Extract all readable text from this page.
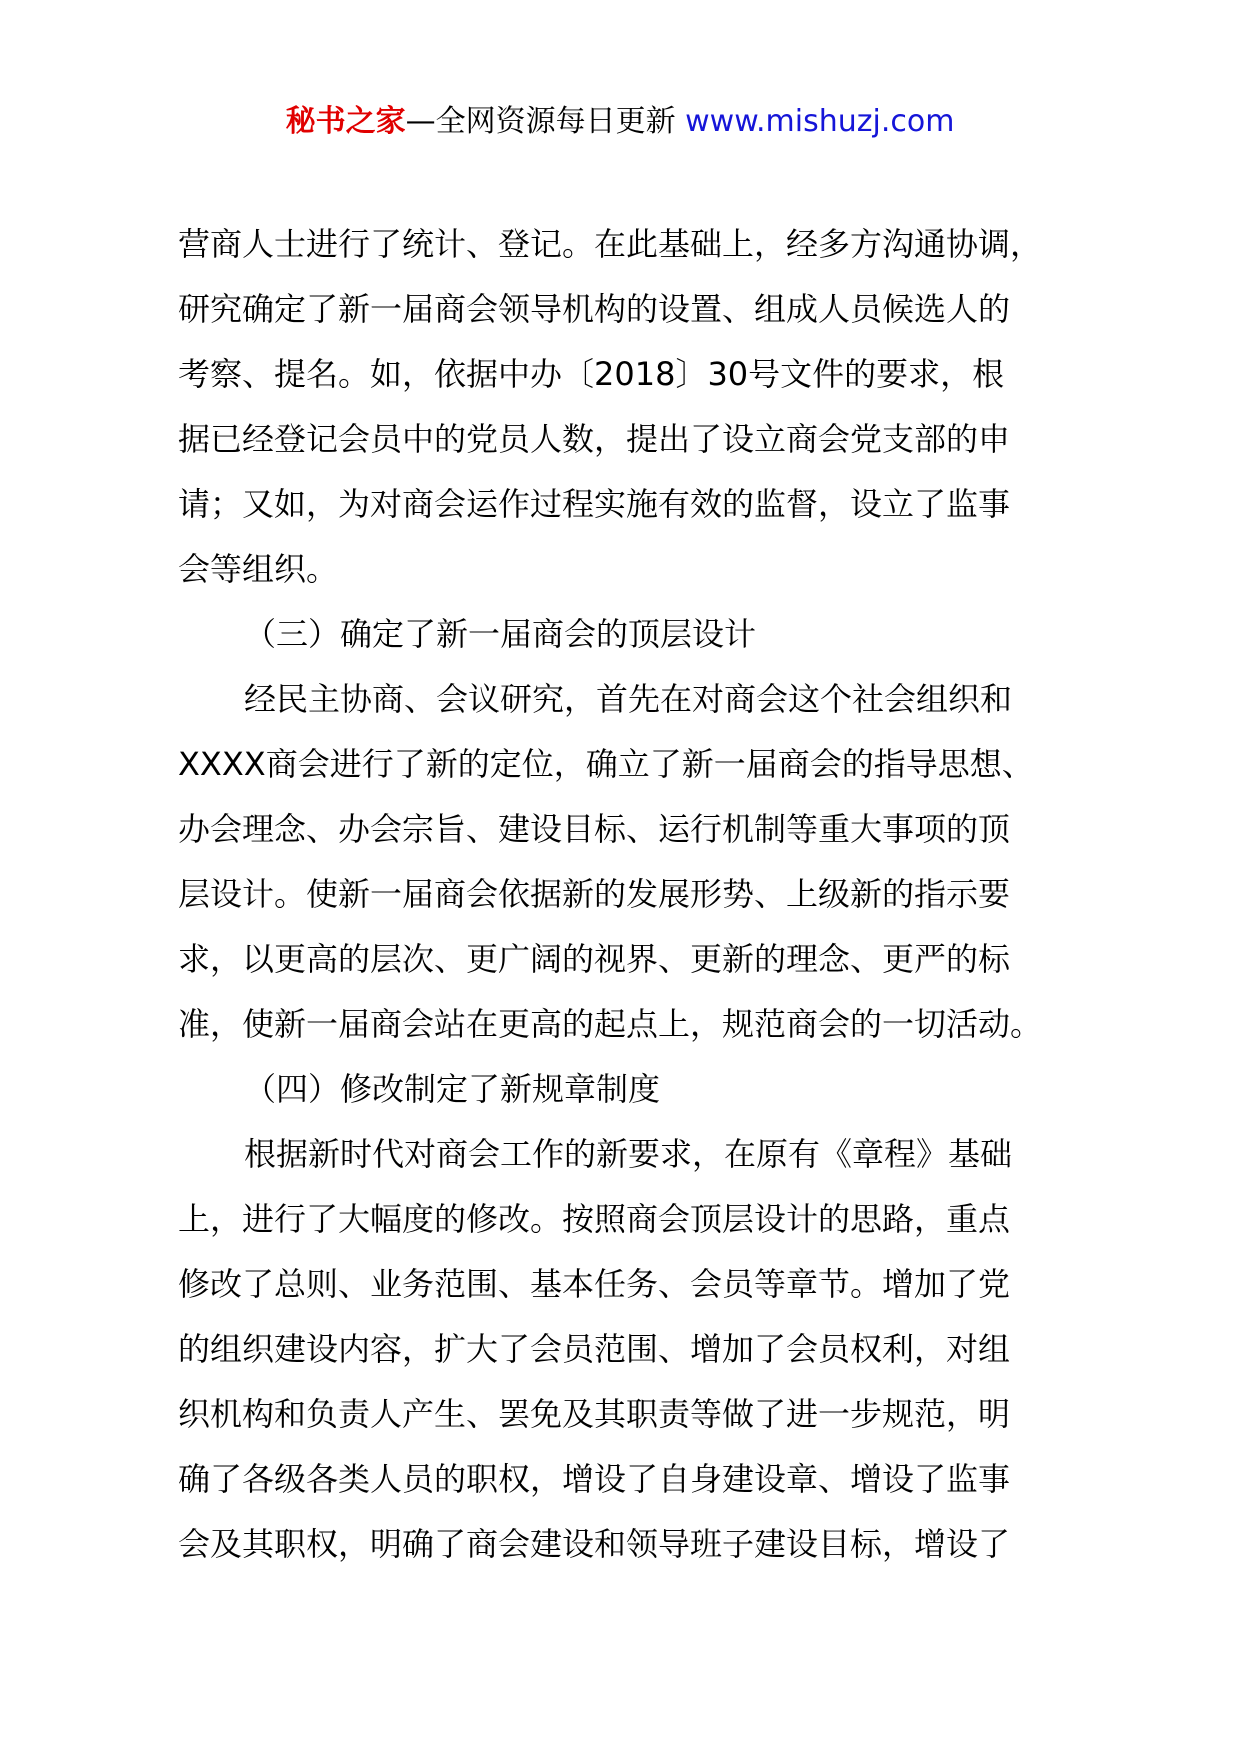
秘书之家—全网资源每日更新 www.mishuzj.com
营商人士进行了统计、登记。在此基础上，经多方沟通协调，
研究确定了新一届商会领导机构的设置、组成人员候选人的
考察、提名。如，依据中办〔2018〕30号文件的要求，根
据已经登记会员中的党员人数，提出了设立商会党支部的申
请；又如，为对商会运作过程实施有效的监督，设立了监事
会等组织。
（三）确定了新一届商会的顶层设计
经民主协商、会议研究，首先在对商会这个社会组织和
XXXX商会进行了新的定位，确立了新一届商会的指导思想、
办会理念、办会宗旨、建设目标、运行机制等重大事项的顶
层设计。使新一届商会依据新的发展形势、上级新的指示要
求，以更高的层次、更广阔的视界、更新的理念、更严的标
准，使新一届商会站在更高的起点上，规范商会的一切活动。
（四）修改制定了新规章制度
根据新时代对商会工作的新要求，在原有《章程》基础
上，进行了大幅度的修改。按照商会顶层设计的思路，重点
修改了总则、业务范围、基本任务、会员等章节。增加了党
的组织建设内容，扩大了会员范围、增加了会员权利，对组
织机构和负责人产生、罢免及其职责等做了进一步规范，明
确了各级各类人员的职权，增设了自身建设章、增设了监事
会及其职权，明确了商会建设和领导班子建设目标，增设了
